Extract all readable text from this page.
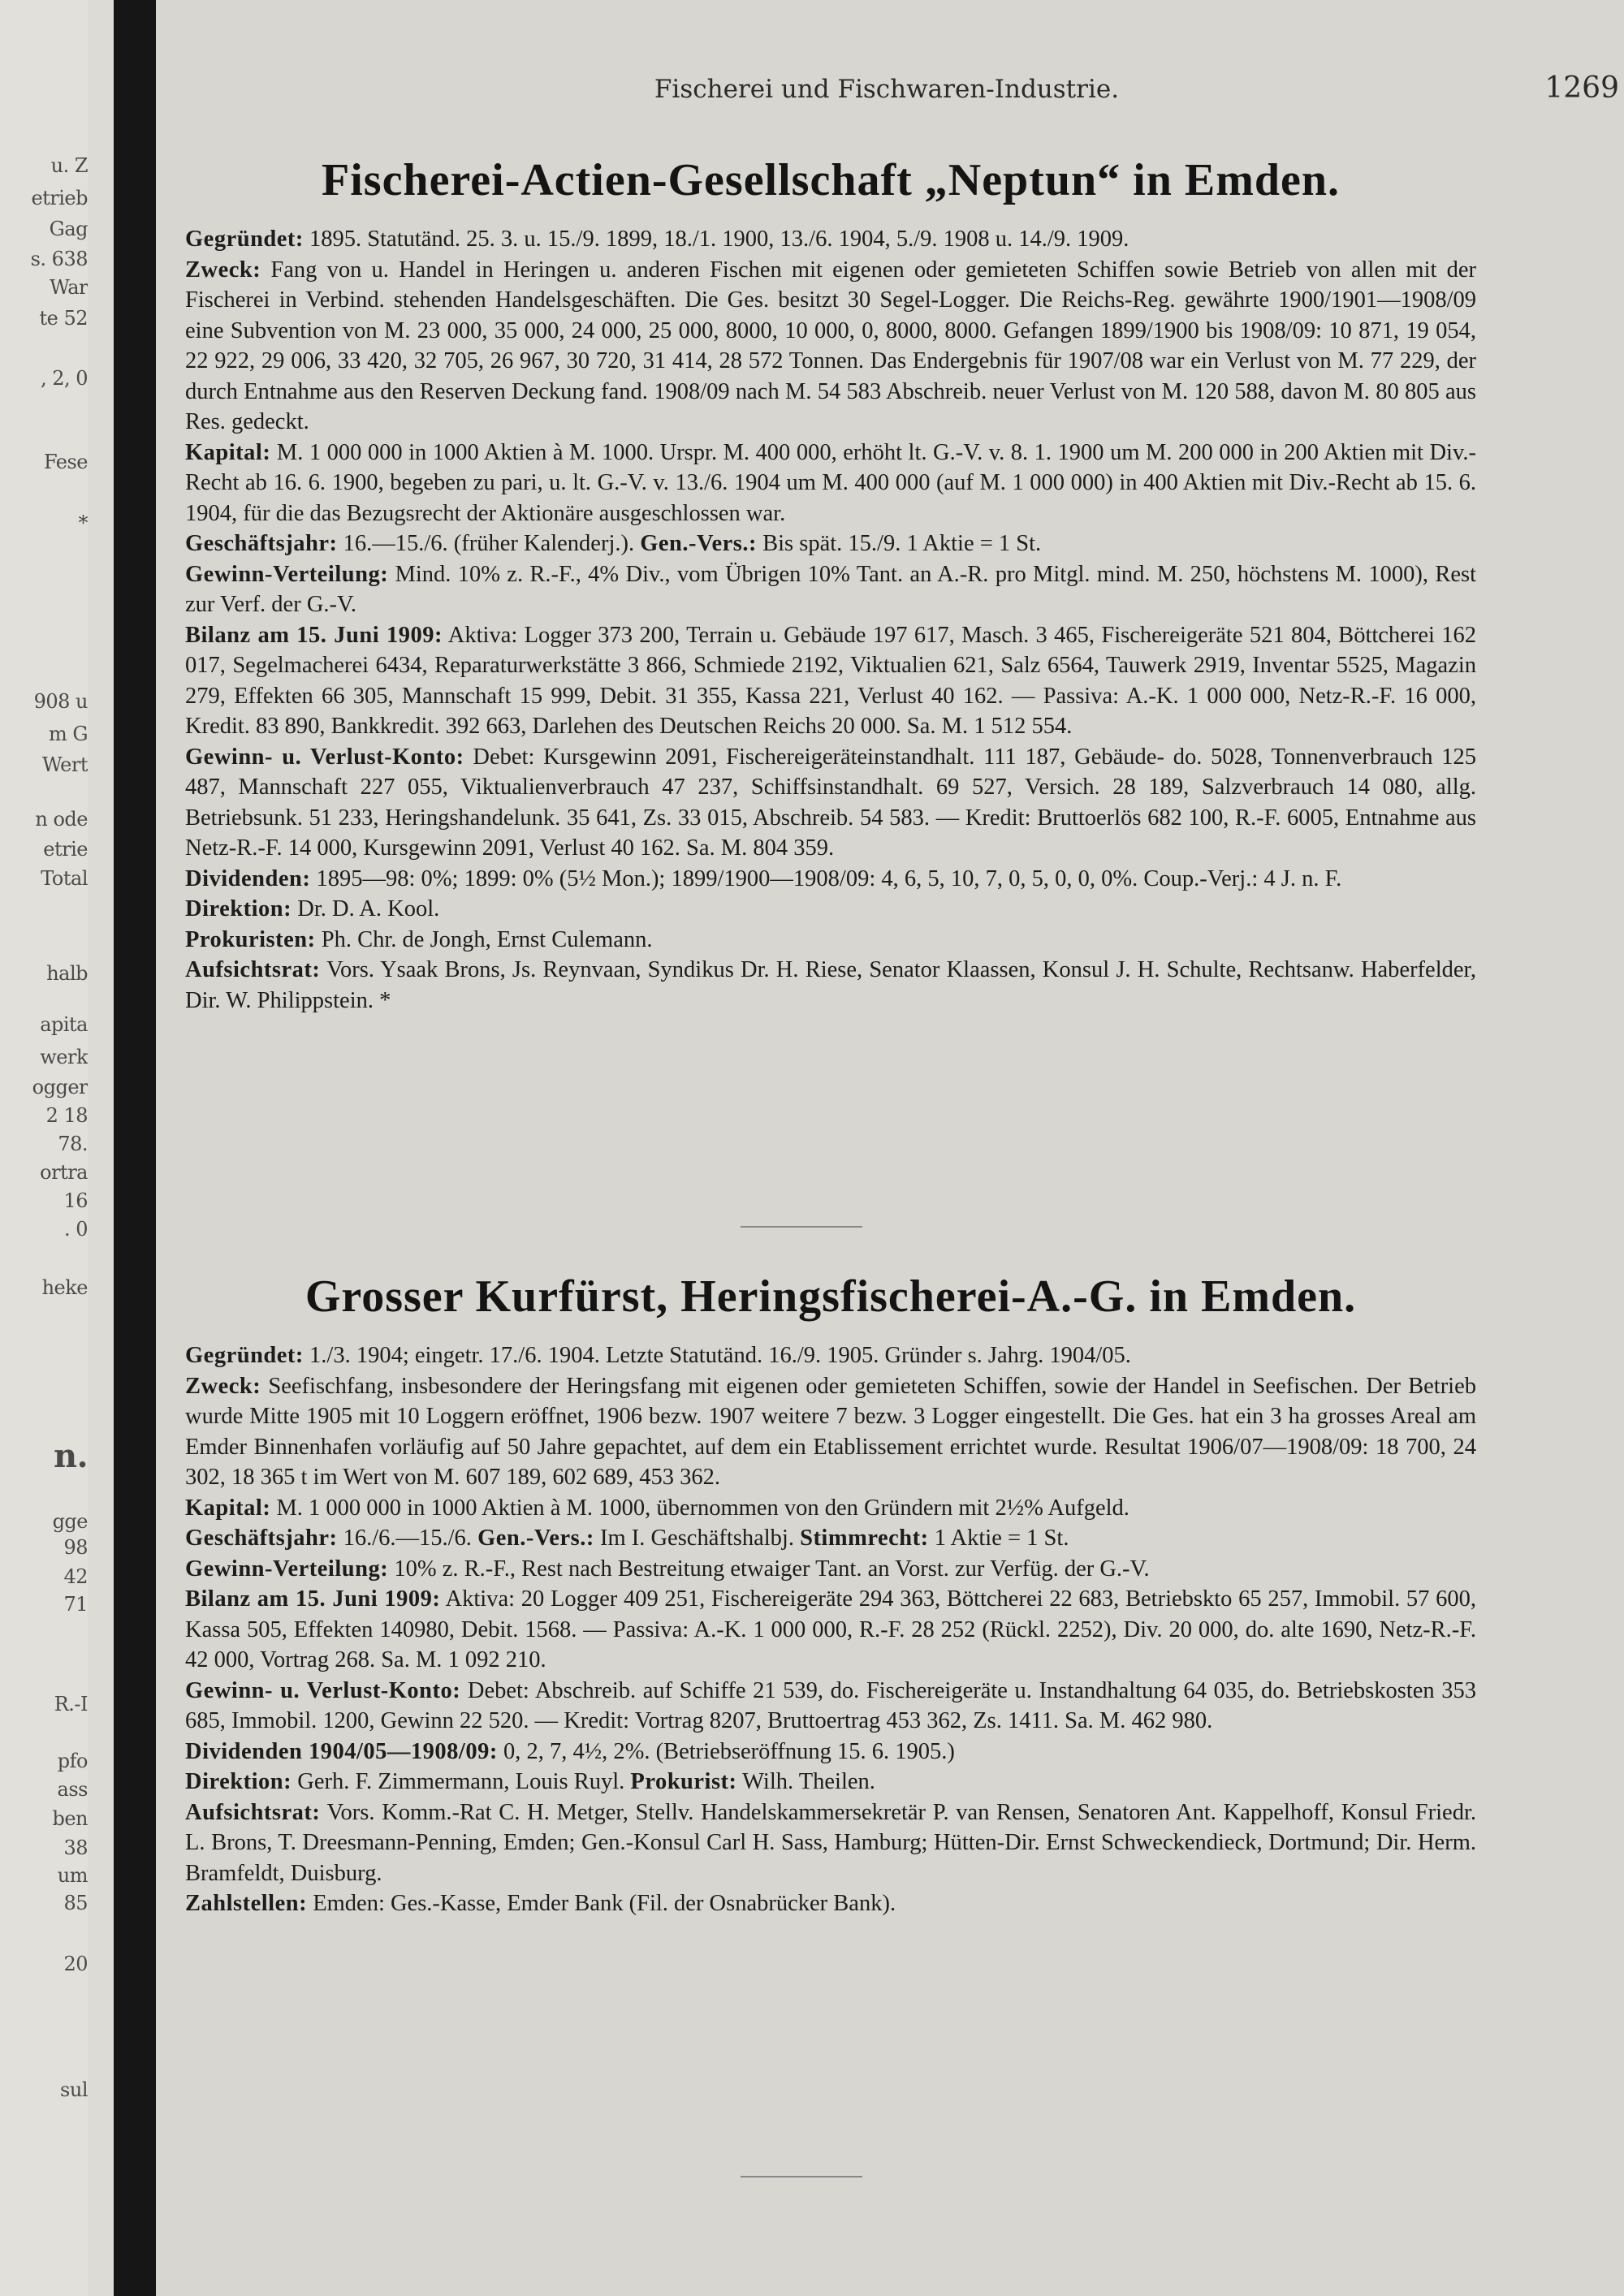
u. Z
etrieb
Gag
s. 638
War
te 52
, 2, 0
Fese
*
908 u
m G
Wert
n ode
etrie
Total
halb
apita
werk
ogger
2 18
78.
ortra
16
. 0
heke
n.
gge
98
42
71
R.-I
pfo
ass
ben
38
um
85
20
sul
Fischerei und Fischwaren-Industrie.	1269
Fischerei-Actien-Gesellschaft „Neptun“ in Emden.

Gegründet: 1895. Statutänd. 25. 3. u. 15./9. 1899, 18./1. 1900, 13./6. 1904, 5./9. 1908 u. 14./9. 1909.

Zweck: Fang von u. Handel in Heringen u. anderen Fischen mit eigenen oder gemieteten Schiffen sowie Betrieb von allen mit der Fischerei in Verbind. stehenden Handelsgeschäften. Die Ges. besitzt 30 Segel-Logger. Die Reichs-Reg. gewährte 1900/1901—1908/09 eine Subvention von M. 23 000, 35 000, 24 000, 25 000, 8000, 10 000, 0, 8000, 8000. Gefangen 1899/1900 bis 1908/09: 10 871, 19 054, 22 922, 29 006, 33 420, 32 705, 26 967, 30 720, 31 414, 28 572 Tonnen. Das Endergebnis für 1907/08 war ein Verlust von M. 77 229, der durch Entnahme aus den Reserven Deckung fand. 1908/09 nach M. 54 583 Abschreib. neuer Verlust von M. 120 588, davon M. 80 805 aus Res. gedeckt.

Kapital: M. 1 000 000 in 1000 Aktien à M. 1000. Urspr. M. 400 000, erhöht lt. G.-V. v. 8. 1. 1900 um M. 200 000 in 200 Aktien mit Div.-Recht ab 16. 6. 1900, begeben zu pari, u. lt. G.-V. v. 13./6. 1904 um M. 400 000 (auf M. 1 000 000) in 400 Aktien mit Div.-Recht ab 15. 6. 1904, für die das Bezugsrecht der Aktionäre ausgeschlossen war.

Geschäftsjahr: 16.—15./6. (früher Kalenderj.). Gen.-Vers.: Bis spät. 15./9. 1 Aktie = 1 St.

Gewinn-Verteilung: Mind. 10% z. R.-F., 4% Div., vom Übrigen 10% Tant. an A.-R. pro Mitgl. mind. M. 250, höchstens M. 1000), Rest zur Verf. der G.-V.

Bilanz am 15. Juni 1909: Aktiva: Logger 373 200, Terrain u. Gebäude 197 617, Masch. 3 465, Fischereigeräte 521 804, Böttcherei 162 017, Segelmacherei 6434, Reparaturwerkstätte 3 866, Schmiede 2192, Viktualien 621, Salz 6564, Tauwerk 2919, Inventar 5525, Magazin 279, Effekten 66 305, Mannschaft 15 999, Debit. 31 355, Kassa 221, Verlust 40 162. — Passiva: A.-K. 1 000 000, Netz-R.-F. 16 000, Kredit. 83 890, Bankkredit. 392 663, Darlehen des Deutschen Reichs 20 000. Sa. M. 1 512 554.

Gewinn- u. Verlust-Konto: Debet: Kursgewinn 2091, Fischereigeräteinstandhalt. 111 187, Gebäude- do. 5028, Tonnenverbrauch 125 487, Mannschaft 227 055, Viktualienverbrauch 47 237, Schiffsinstandhalt. 69 527, Versich. 28 189, Salzverbrauch 14 080, allg. Betriebsunk. 51 233, Heringshandelunk. 35 641, Zs. 33 015, Abschreib. 54 583. — Kredit: Bruttoerlös 682 100, R.-F. 6005, Entnahme aus Netz-R.-F. 14 000, Kursgewinn 2091, Verlust 40 162. Sa. M. 804 359.

Dividenden: 1895—98: 0%; 1899: 0% (5½ Mon.); 1899/1900—1908/09: 4, 6, 5, 10, 7, 0, 5, 0, 0, 0%. Coup.-Verj.: 4 J. n. F.

Direktion: Dr. D. A. Kool.

Prokuristen: Ph. Chr. de Jongh, Ernst Culemann.

Aufsichtsrat: Vors. Ysaak Brons, Js. Reynvaan, Syndikus Dr. H. Riese, Senator Klaassen, Konsul J. H. Schulte, Rechtsanw. Haberfelder, Dir. W. Philippstein. *

Grosser Kurfürst, Heringsfischerei-A.-G. in Emden.

Gegründet: 1./3. 1904; eingetr. 17./6. 1904. Letzte Statutänd. 16./9. 1905. Gründer s. Jahrg. 1904/05.

Zweck: Seefischfang, insbesondere der Heringsfang mit eigenen oder gemieteten Schiffen, sowie der Handel in Seefischen. Der Betrieb wurde Mitte 1905 mit 10 Loggern eröffnet, 1906 bezw. 1907 weitere 7 bezw. 3 Logger eingestellt. Die Ges. hat ein 3 ha grosses Areal am Emder Binnenhafen vorläufig auf 50 Jahre gepachtet, auf dem ein Etablissement errichtet wurde. Resultat 1906/07—1908/09: 18 700, 24 302, 18 365 t im Wert von M. 607 189, 602 689, 453 362.

Kapital: M. 1 000 000 in 1000 Aktien à M. 1000, übernommen von den Gründern mit 2½% Aufgeld.

Geschäftsjahr: 16./6.—15./6. Gen.-Vers.: Im I. Geschäftshalbj. Stimmrecht: 1 Aktie = 1 St.

Gewinn-Verteilung: 10% z. R.-F., Rest nach Bestreitung etwaiger Tant. an Vorst. zur Verfüg. der G.-V.

Bilanz am 15. Juni 1909: Aktiva: 20 Logger 409 251, Fischereigeräte 294 363, Böttcherei 22 683, Betriebskto 65 257, Immobil. 57 600, Kassa 505, Effekten 140980, Debit. 1568. — Passiva: A.-K. 1 000 000, R.-F. 28 252 (Rückl. 2252), Div. 20 000, do. alte 1690, Netz-R.-F. 42 000, Vortrag 268. Sa. M. 1 092 210.

Gewinn- u. Verlust-Konto: Debet: Abschreib. auf Schiffe 21 539, do. Fischereigeräte u. Instandhaltung 64 035, do. Betriebskosten 353 685, Immobil. 1200, Gewinn 22 520. — Kredit: Vortrag 8207, Bruttoertrag 453 362, Zs. 1411. Sa. M. 462 980.

Dividenden 1904/05—1908/09: 0, 2, 7, 4½, 2%. (Betriebseröffnung 15. 6. 1905.)

Direktion: Gerh. F. Zimmermann, Louis Ruyl. Prokurist: Wilh. Theilen.

Aufsichtsrat: Vors. Komm.-Rat C. H. Metger, Stellv. Handelskammersekretär P. van Rensen, Senatoren Ant. Kappelhoff, Konsul Friedr. L. Brons, T. Dreesmann-Penning, Emden; Gen.-Konsul Carl H. Sass, Hamburg; Hütten-Dir. Ernst Schweckendieck, Dortmund; Dir. Herm. Bramfeldt, Duisburg.

Zahlstellen: Emden: Ges.-Kasse, Emder Bank (Fil. der Osnabrücker Bank).
